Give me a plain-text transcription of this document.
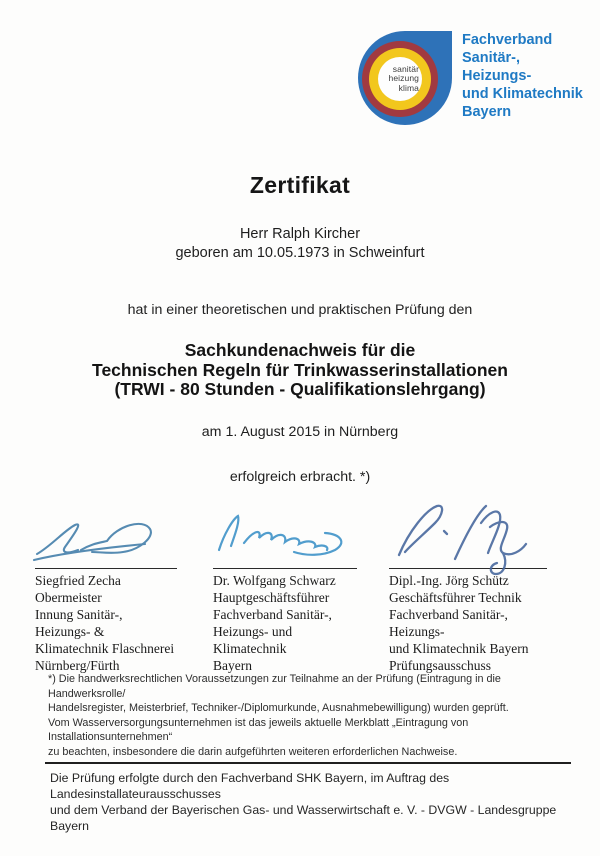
sanitär
heizung
klima
Fachverband
Sanitär-,
Heizungs-
und Klimatechnik
Bayern
Zertifikat
Herr Ralph Kircher
geboren am 10.05.1973 in Schweinfurt
hat in einer theoretischen und praktischen Prüfung den
Sachkundenachweis für die
Technischen Regeln für Trinkwasserinstallationen
(TRWI - 80 Stunden - Qualifikationslehrgang)
am 1. August 2015 in Nürnberg
erfolgreich erbracht. *)
Siegfried Zecha
Obermeister
Innung Sanitär-, Heizungs- &
Klimatechnik Flaschnerei
Nürnberg/Fürth
Dr. Wolfgang Schwarz
Hauptgeschäftsführer
Fachverband Sanitär-,
Heizungs- und Klimatechnik
Bayern
Dipl.-Ing. Jörg Schütz
Geschäftsführer Technik
Fachverband Sanitär-, Heizungs-
und Klimatechnik Bayern
Prüfungsausschuss
*) Die handwerksrechtlichen Voraussetzungen zur Teilnahme an der Prüfung (Eintragung in die Handwerksrolle/
Handelsregister, Meisterbrief, Techniker-/Diplomurkunde, Ausnahmebewilligung) wurden geprüft.
Vom Wasserversorgungsunternehmen ist das jeweils aktuelle Merkblatt „Eintragung von Installationsunternehmen“
zu beachten, insbesondere die darin aufgeführten weiteren erforderlichen Nachweise.
Die Prüfung erfolgte durch den Fachverband SHK Bayern, im Auftrag des Landesinstallateurausschusses
und dem Verband der Bayerischen Gas- und Wasserwirtschaft e. V. - DVGW - Landesgruppe Bayern
